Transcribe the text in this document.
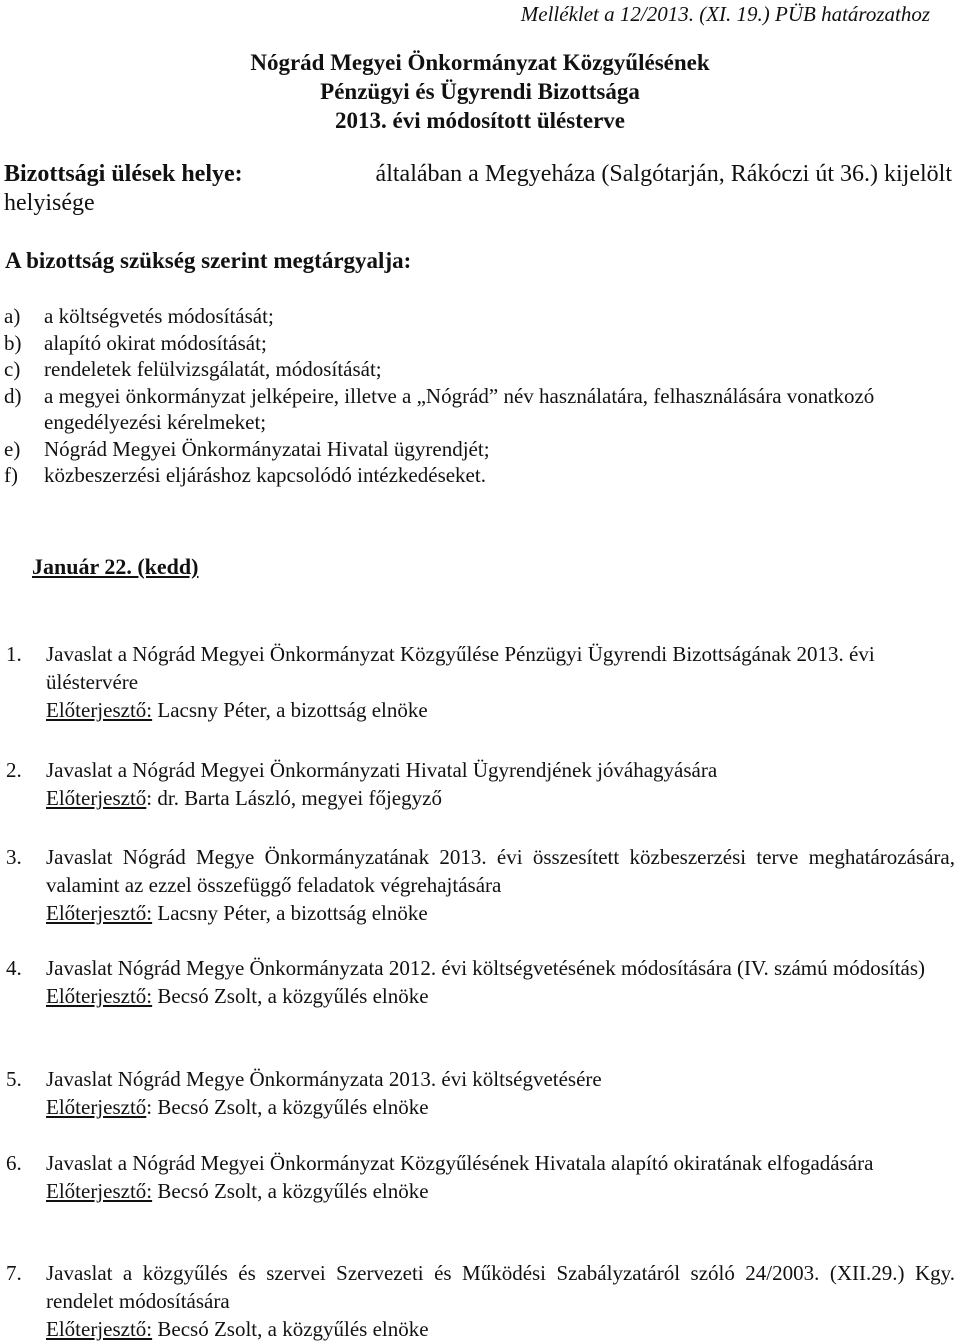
Melléklet a 12/2013. (XI. 19.) PÜB határozathoz
Nógrád Megyei Önkormányzat Közgyűlésének
Pénzügyi és Ügyrendi Bizottsága
2013. évi módosított ülésterve
Bizottsági ülések helye:	általában a Megyeháza (Salgótarján, Rákóczi út 36.) kijelölt
helyisége
A bizottság szükség szerint megtárgyalja:
a)	a költségvetés módosítását;
b)	alapító okirat módosítását;
c)	rendeletek felülvizsgálatát, módosítását;
d)	a megyei önkormányzat jelképeire, illetve a „Nógrád” név használatára, felhasználására vonatkozó engedélyezési kérelmeket;
e)	Nógrád Megyei Önkormányzatai Hivatal ügyrendjét;
f)	közbeszerzési eljáráshoz kapcsolódó intézkedéseket.
Január 22. (kedd)
1. Javaslat a Nógrád Megyei Önkormányzat Közgyűlése Pénzügyi Ügyrendi Bizottságának 2013. évi üléstervére
Előterjesztő: Lacsny Péter, a bizottság elnöke
2. Javaslat a Nógrád Megyei Önkormányzati Hivatal Ügyrendjének jóváhagyására
Előterjesztő: dr. Barta László, megyei főjegyző
3. Javaslat Nógrád Megye Önkormányzatának 2013. évi összesített közbeszerzési terve meghatározására, valamint az ezzel összefüggő feladatok végrehajtására
Előterjesztő: Lacsny Péter, a bizottság elnöke
4. Javaslat Nógrád Megye Önkormányzata 2012. évi költségvetésének módosítására (IV. számú módosítás)
Előterjesztő: Becsó Zsolt, a közgyűlés elnöke
5. Javaslat Nógrád Megye Önkormányzata 2013. évi költségvetésére
Előterjesztő: Becsó Zsolt, a közgyűlés elnöke
6. Javaslat a Nógrád Megyei Önkormányzat Közgyűlésének Hivatala alapító okiratának elfogadására
Előterjesztő: Becsó Zsolt, a közgyűlés elnöke
7. Javaslat a közgyűlés és szervei Szervezeti és Működési Szabályzatáról szóló 24/2003. (XII.29.) Kgy. rendelet módosítására
Előterjesztő: Becsó Zsolt, a közgyűlés elnöke
